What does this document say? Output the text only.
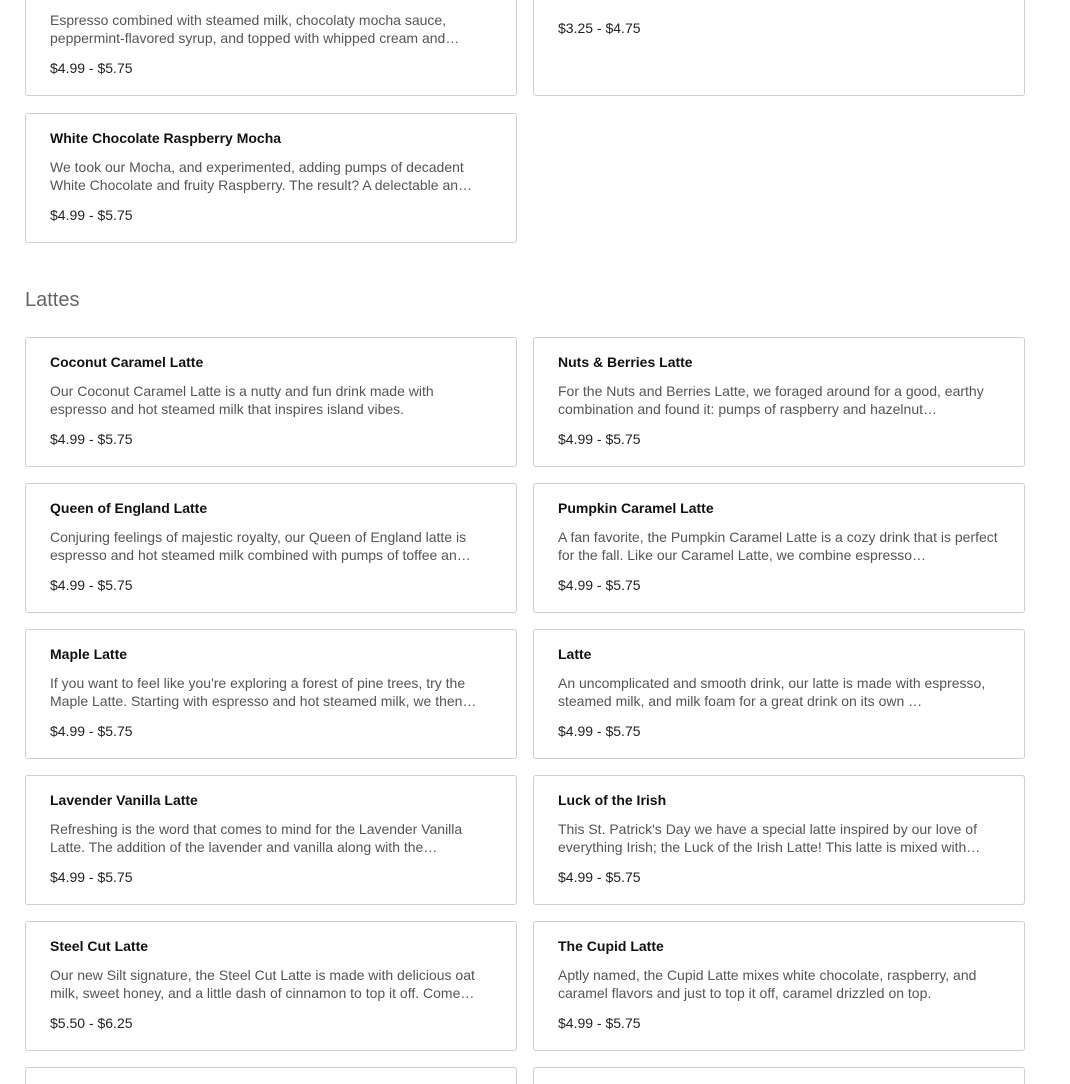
Espresso combined with steamed milk, chocolaty mocha sauce, peppermint-flavored syrup, and topped with whipped cream and…
$4.99 - $5.75
$3.25 - $4.75
White Chocolate Raspberry Mocha
We took our Mocha, and experimented, adding pumps of decadent White Chocolate and fruity Raspberry. The result? A delectable an…
$4.99 - $5.75
Lattes
Coconut Caramel Latte
Our Coconut Caramel Latte is a nutty and fun drink made with espresso and hot steamed milk that inspires island vibes.
$4.99 - $5.75
Nuts & Berries Latte
For the Nuts and Berries Latte, we foraged around for a good, earthy combination and found it: pumps of raspberry and hazelnut…
$4.99 - $5.75
Queen of England Latte
Conjuring feelings of majestic royalty, our Queen of England latte is espresso and hot steamed milk combined with pumps of toffee an…
$4.99 - $5.75
Pumpkin Caramel Latte
A fan favorite, the Pumpkin Caramel Latte is a cozy drink that is perfect for the fall. Like our Caramel Latte, we combine espresso…
$4.99 - $5.75
Maple Latte
If you want to feel like you're exploring a forest of pine trees, try the Maple Latte. Starting with espresso and hot steamed milk, we then…
$4.99 - $5.75
Latte
An uncomplicated and smooth drink, our latte is made with espresso, steamed milk, and milk foam for a great drink on its own …
$4.99 - $5.75
Lavender Vanilla Latte
Refreshing is the word that comes to mind for the Lavender Vanilla Latte. The addition of the lavender and vanilla along with the…
$4.99 - $5.75
Luck of the Irish
This St. Patrick's Day we have a special latte inspired by our love of everything Irish; the Luck of the Irish Latte! This latte is mixed with…
$4.99 - $5.75
Steel Cut Latte
Our new Silt signature, the Steel Cut Latte is made with delicious oat milk, sweet honey, and a little dash of cinnamon to top it off. Come…
$5.50 - $6.25
The Cupid Latte
Aptly named, the Cupid Latte mixes white chocolate, raspberry, and caramel flavors and just to top it off, caramel drizzled on top.
$4.99 - $5.75
